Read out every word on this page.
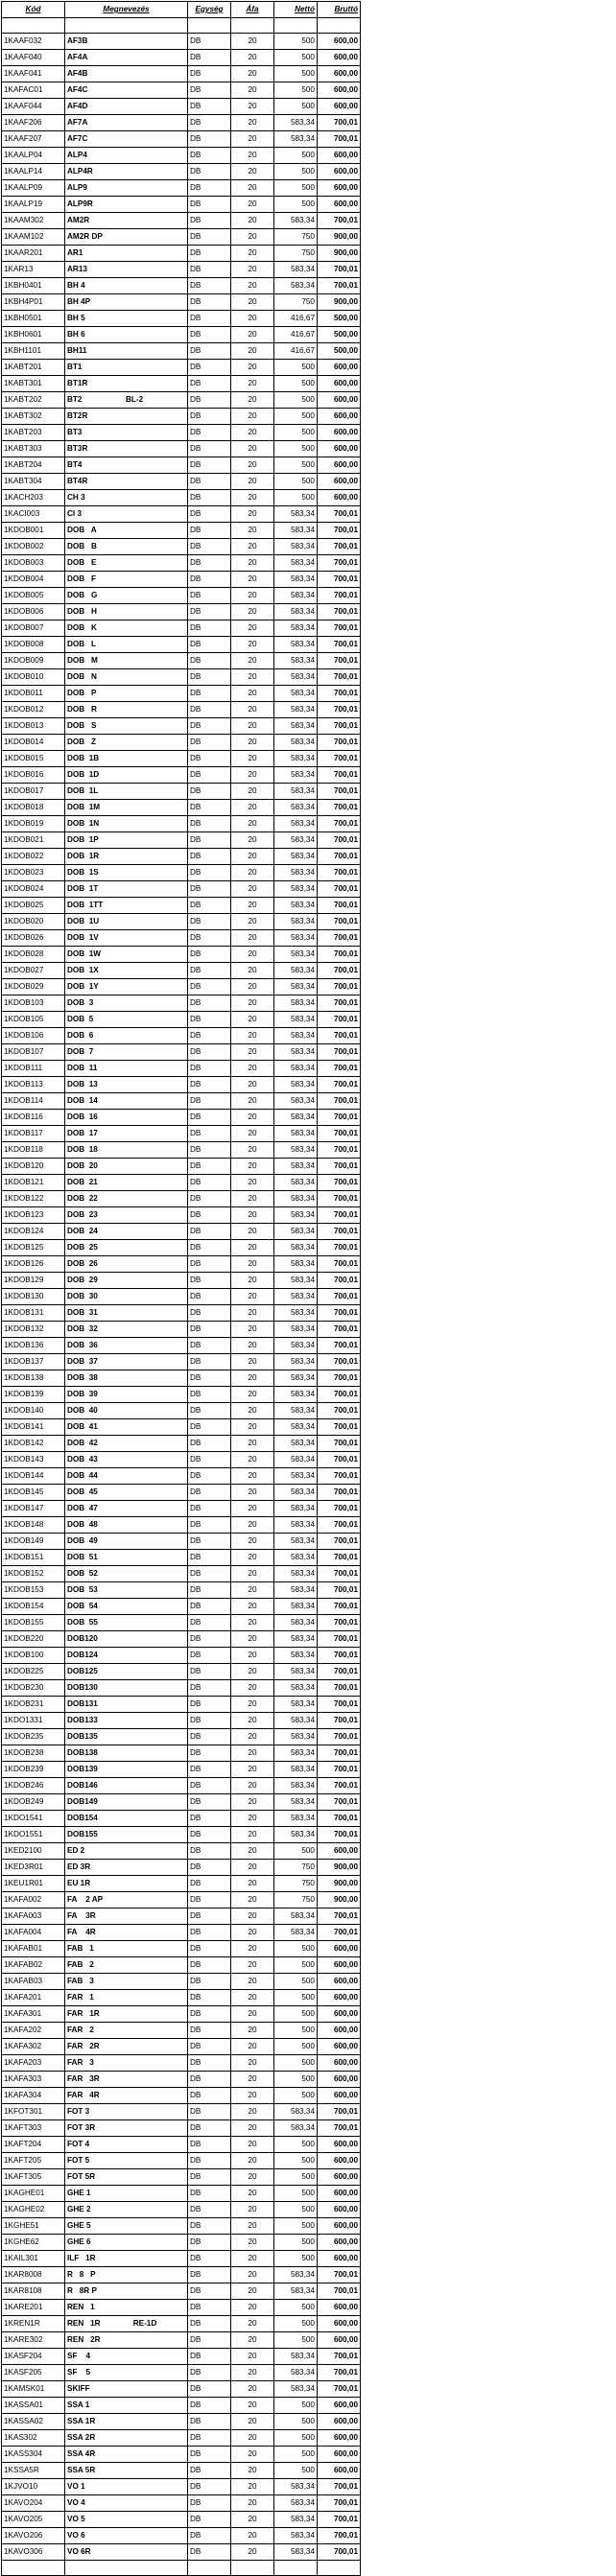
Kód	Megnevezés	Egység	Áfa	Nettó	Bruttó

1KAAF032	AF3B	DB	20	500	600,00
1KAAF040	AF4A	DB	20	500	600,00
1KAAF041	AF4B	DB	20	500	600,00
1KAFAC01	AF4C	DB	20	500	600,00
1KAAF044	AF4D	DB	20	500	600,00
1KAAF206	AF7A	DB	20	583,34	700,01
1KAAF207	AF7C	DB	20	583,34	700,01
1KAALP04	ALP4	DB	20	500	600,00
1KAALP14	ALP4R	DB	20	500	600,00
1KAALP09	ALP9	DB	20	500	600,00
1KAALP19	ALP9R	DB	20	500	600,00
1KAAM302	AM2R	DB	20	583,34	700,01
1KAAM102	AM2R DP	DB	20	750	900,00
1KAAR201	AR1	DB	20	750	900,00
1KAR13	AR13	DB	20	583,34	700,01
1KBH0401	BH 4	DB	20	583,34	700,01
1KBH4P01	BH 4P	DB	20	750	900,00
1KBH0501	BH 5	DB	20	416,67	500,00
1KBH0601	BH 6	DB	20	416,67	500,00
1KBH1101	BH11	DB	20	416,67	500,00
1KABT201	BT1	DB	20	500	600,00
1KABT301	BT1R	DB	20	500	600,00
1KABT202	BT2                    BL-2	DB	20	500	600,00
1KABT302	BT2R	DB	20	500	600,00
1KABT203	BT3	DB	20	500	600,00
1KABT303	BT3R	DB	20	500	600,00
1KABT204	BT4	DB	20	500	600,00
1KABT304	BT4R	DB	20	500	600,00
1KACH203	CH 3	DB	20	500	600,00
1KACI003	CI 3	DB	20	583,34	700,01
1KDOB001	DOB   A	DB	20	583,34	700,01
1KDOB002	DOB   B	DB	20	583,34	700,01
1KDOB003	DOB   E	DB	20	583,34	700,01
1KDOB004	DOB   F	DB	20	583,34	700,01
1KDOB005	DOB   G	DB	20	583,34	700,01
1KDOB006	DOB   H	DB	20	583,34	700,01
1KDOB007	DOB   K	DB	20	583,34	700,01
1KDOB008	DOB   L	DB	20	583,34	700,01
1KDOB009	DOB   M	DB	20	583,34	700,01
1KDOB010	DOB   N	DB	20	583,34	700,01
1KDOB011	DOB   P	DB	20	583,34	700,01
1KDOB012	DOB   R	DB	20	583,34	700,01
1KDOB013	DOB   S	DB	20	583,34	700,01
1KDOB014	DOB   Z	DB	20	583,34	700,01
1KDOB015	DOB  1B	DB	20	583,34	700,01
1KDOB016	DOB  1D	DB	20	583,34	700,01
1KDOB017	DOB  1L	DB	20	583,34	700,01
1KDOB018	DOB  1M	DB	20	583,34	700,01
1KDOB019	DOB  1N	DB	20	583,34	700,01
1KDOB021	DOB  1P	DB	20	583,34	700,01
1KDOB022	DOB  1R	DB	20	583,34	700,01
1KDOB023	DOB  1S	DB	20	583,34	700,01
1KDOB024	DOB  1T	DB	20	583,34	700,01
1KDOB025	DOB  1TT	DB	20	583,34	700,01
1KDOB020	DOB  1U	DB	20	583,34	700,01
1KDOB026	DOB  1V	DB	20	583,34	700,01
1KDOB028	DOB  1W	DB	20	583,34	700,01
1KDOB027	DOB  1X	DB	20	583,34	700,01
1KDOB029	DOB  1Y	DB	20	583,34	700,01
1KDOB103	DOB  3	DB	20	583,34	700,01
1KDOB105	DOB  5	DB	20	583,34	700,01
1KDOB106	DOB  6	DB	20	583,34	700,01
1KDOB107	DOB  7	DB	20	583,34	700,01
1KDOB111	DOB  11	DB	20	583,34	700,01
1KDOB113	DOB  13	DB	20	583,34	700,01
1KDOB114	DOB  14	DB	20	583,34	700,01
1KDOB116	DOB  16	DB	20	583,34	700,01
1KDOB117	DOB  17	DB	20	583,34	700,01
1KDOB118	DOB  18	DB	20	583,34	700,01
1KDOB120	DOB  20	DB	20	583,34	700,01
1KDOB121	DOB  21	DB	20	583,34	700,01
1KDOB122	DOB  22	DB	20	583,34	700,01
1KDOB123	DOB  23	DB	20	583,34	700,01
1KDOB124	DOB  24	DB	20	583,34	700,01
1KDOB125	DOB  25	DB	20	583,34	700,01
1KDOB126	DOB  26	DB	20	583,34	700,01
1KDOB129	DOB  29	DB	20	583,34	700,01
1KDOB130	DOB  30	DB	20	583,34	700,01
1KDOB131	DOB  31	DB	20	583,34	700,01
1KDOB132	DOB  32	DB	20	583,34	700,01
1KDOB136	DOB  36	DB	20	583,34	700,01
1KDOB137	DOB  37	DB	20	583,34	700,01
1KDOB138	DOB  38	DB	20	583,34	700,01
1KDOB139	DOB  39	DB	20	583,34	700,01
1KDOB140	DOB  40	DB	20	583,34	700,01
1KDOB141	DOB  41	DB	20	583,34	700,01
1KDOB142	DOB  42	DB	20	583,34	700,01
1KDOB143	DOB  43	DB	20	583,34	700,01
1KDOB144	DOB  44	DB	20	583,34	700,01
1KDOB145	DOB  45	DB	20	583,34	700,01
1KDOB147	DOB  47	DB	20	583,34	700,01
1KDOB148	DOB  48	DB	20	583,34	700,01
1KDOB149	DOB  49	DB	20	583,34	700,01
1KDOB151	DOB  51	DB	20	583,34	700,01
1KDOB152	DOB  52	DB	20	583,34	700,01
1KDOB153	DOB  53	DB	20	583,34	700,01
1KDOB154	DOB  54	DB	20	583,34	700,01
1KDOB155	DOB  55	DB	20	583,34	700,01
1KDOB220	DOB120	DB	20	583,34	700,01
1KDOB100	DOB124	DB	20	583,34	700,01
1KDOB225	DOB125	DB	20	583,34	700,01
1KDOB230	DOB130	DB	20	583,34	700,01
1KDOB231	DOB131	DB	20	583,34	700,01
1KDO1331	DOB133	DB	20	583,34	700,01
1KDOB235	DOB135	DB	20	583,34	700,01
1KDOB238	DOB138	DB	20	583,34	700,01
1KDOB239	DOB139	DB	20	583,34	700,01
1KDOB246	DOB146	DB	20	583,34	700,01
1KDOB249	DOB149	DB	20	583,34	700,01
1KDO1541	DOB154	DB	20	583,34	700,01
1KDO1551	DOB155	DB	20	583,34	700,01
1KED2100	ED 2	DB	20	500	600,00
1KED3R01	ED 3R	DB	20	750	900,00
1KEU1R01	EU 1R	DB	20	750	900,00
1KAFA002	FA    2 AP	DB	20	750	900,00
1KAFA003	FA    3R	DB	20	583,34	700,01
1KAFA004	FA    4R	DB	20	583,34	700,01
1KAFAB01	FAB   1	DB	20	500	600,00
1KAFAB02	FAB   2	DB	20	500	600,00
1KAFAB03	FAB   3	DB	20	500	600,00
1KAFA201	FAR   1	DB	20	500	600,00
1KAFA301	FAR   1R	DB	20	500	600,00
1KAFA202	FAR   2	DB	20	500	600,00
1KAFA302	FAR   2R	DB	20	500	600,00
1KAFA203	FAR   3	DB	20	500	600,00
1KAFA303	FAR   3R	DB	20	500	600,00
1KAFA304	FAR   4R	DB	20	500	600,00
1KFOT301	FOT 3	DB	20	583,34	700,01
1KAFT303	FOT 3R	DB	20	583,34	700,01
1KAFT204	FOT 4	DB	20	500	600,00
1KAFT205	FOT 5	DB	20	500	600,00
1KAFT305	FOT 5R	DB	20	500	600,00
1KAGHE01	GHE 1	DB	20	500	600,00
1KAGHE02	GHE 2	DB	20	500	600,00
1KGHE51	GHE 5	DB	20	500	600,00
1KGHE62	GHE 6	DB	20	500	600,00
1KAIL301	ILF   1R	DB	20	500	600,00
1KAR8008	R   8   P	DB	20	583,34	700,01
1KAR8108	R   8R P	DB	20	583,34	700,01
1KARE201	REN   1	DB	20	500	600,00
1KREN1R	REN   1R               RE-1D	DB	20	500	600,00
1KARE302	REN   2R	DB	20	500	600,00
1KASF204	SF    4	DB	20	583,34	700,01
1KASF205	SF    5	DB	20	583,34	700,01
1KAMSK01	SKIFF	DB	20	583,34	700,01
1KASSA01	SSA 1	DB	20	500	600,00
1KASSA02	SSA 1R	DB	20	500	600,00
1KAS302	SSA 2R	DB	20	500	600,00
1KASS304	SSA 4R	DB	20	500	600,00
1KSSA5R	SSA 5R	DB	20	500	600,00
1KJVO10	VO 1	DB	20	583,34	700,01
1KAVO204	VO 4	DB	20	583,34	700,01
1KAVO205	VO 5	DB	20	583,34	700,01
1KAVO206	VO 6	DB	20	583,34	700,01
1KAVO306	VO 6R	DB	20	583,34	700,01
